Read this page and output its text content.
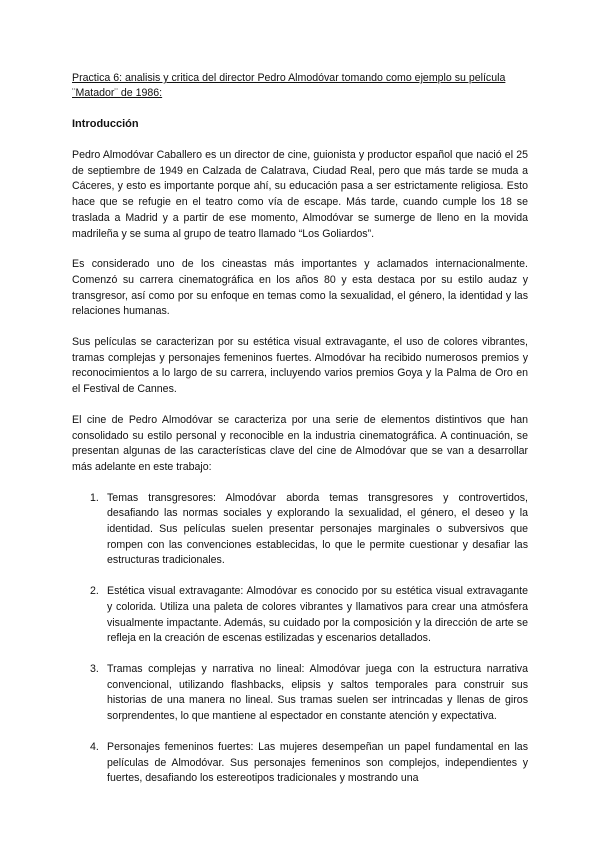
Practica 6: analisis y critica del director Pedro Almodóvar tomando como ejemplo su película ¨Matador¨ de 1986:
Introducción

Pedro Almodóvar Caballero es un director de cine, guionista y productor español que nació el 25 de septiembre de 1949 en Calzada de Calatrava, Ciudad Real, pero que más tarde se muda a Cáceres, y esto es importante porque ahí, su educación pasa a ser estrictamente religiosa. Esto hace que se refugie en el teatro como vía de escape. Más tarde, cuando cumple los 18 se traslada a Madrid y a partir de ese momento, Almodóvar se sumerge de lleno en la movida madrileña y se suma al grupo de teatro llamado “Los Goliardos”.

Es considerado uno de los cineastas más importantes y aclamados internacionalmente. Comenzó su carrera cinematográfica en los años 80 y esta destaca por su estilo audaz y transgresor, así como por su enfoque en temas como la sexualidad, el género, la identidad y las relaciones humanas.

Sus películas se caracterizan por su estética visual extravagante, el uso de colores vibrantes, tramas complejas y personajes femeninos fuertes. Almodóvar ha recibido numerosos premios y reconocimientos a lo largo de su carrera, incluyendo varios premios Goya y la Palma de Oro en el Festival de Cannes.

El cine de Pedro Almodóvar se caracteriza por una serie de elementos distintivos que han consolidado su estilo personal y reconocible en la industria cinematográfica. A continuación, se presentan algunas de las características clave del cine de Almodóvar que se van a desarrollar más adelante en este trabajo:

1. Temas transgresores: Almodóvar aborda temas transgresores y controvertidos, desafiando las normas sociales y explorando la sexualidad, el género, el deseo y la identidad. Sus películas suelen presentar personajes marginales o subversivos que rompen con las convenciones establecidas, lo que le permite cuestionar y desafiar las estructuras tradicionales.
2. Estética visual extravagante: Almodóvar es conocido por su estética visual extravagante y colorida. Utiliza una paleta de colores vibrantes y llamativos para crear una atmósfera visualmente impactante. Además, su cuidado por la composición y la dirección de arte se refleja en la creación de escenas estilizadas y escenarios detallados.
3. Tramas complejas y narrativa no lineal: Almodóvar juega con la estructura narrativa convencional, utilizando flashbacks, elipsis y saltos temporales para construir sus historias de una manera no lineal. Sus tramas suelen ser intrincadas y llenas de giros sorprendentes, lo que mantiene al espectador en constante atención y expectativa.
4. Personajes femeninos fuertes: Las mujeres desempeñan un papel fundamental en las películas de Almodóvar. Sus personajes femeninos son complejos, independientes y fuertes, desafiando los estereotipos tradicionales y mostrando una
